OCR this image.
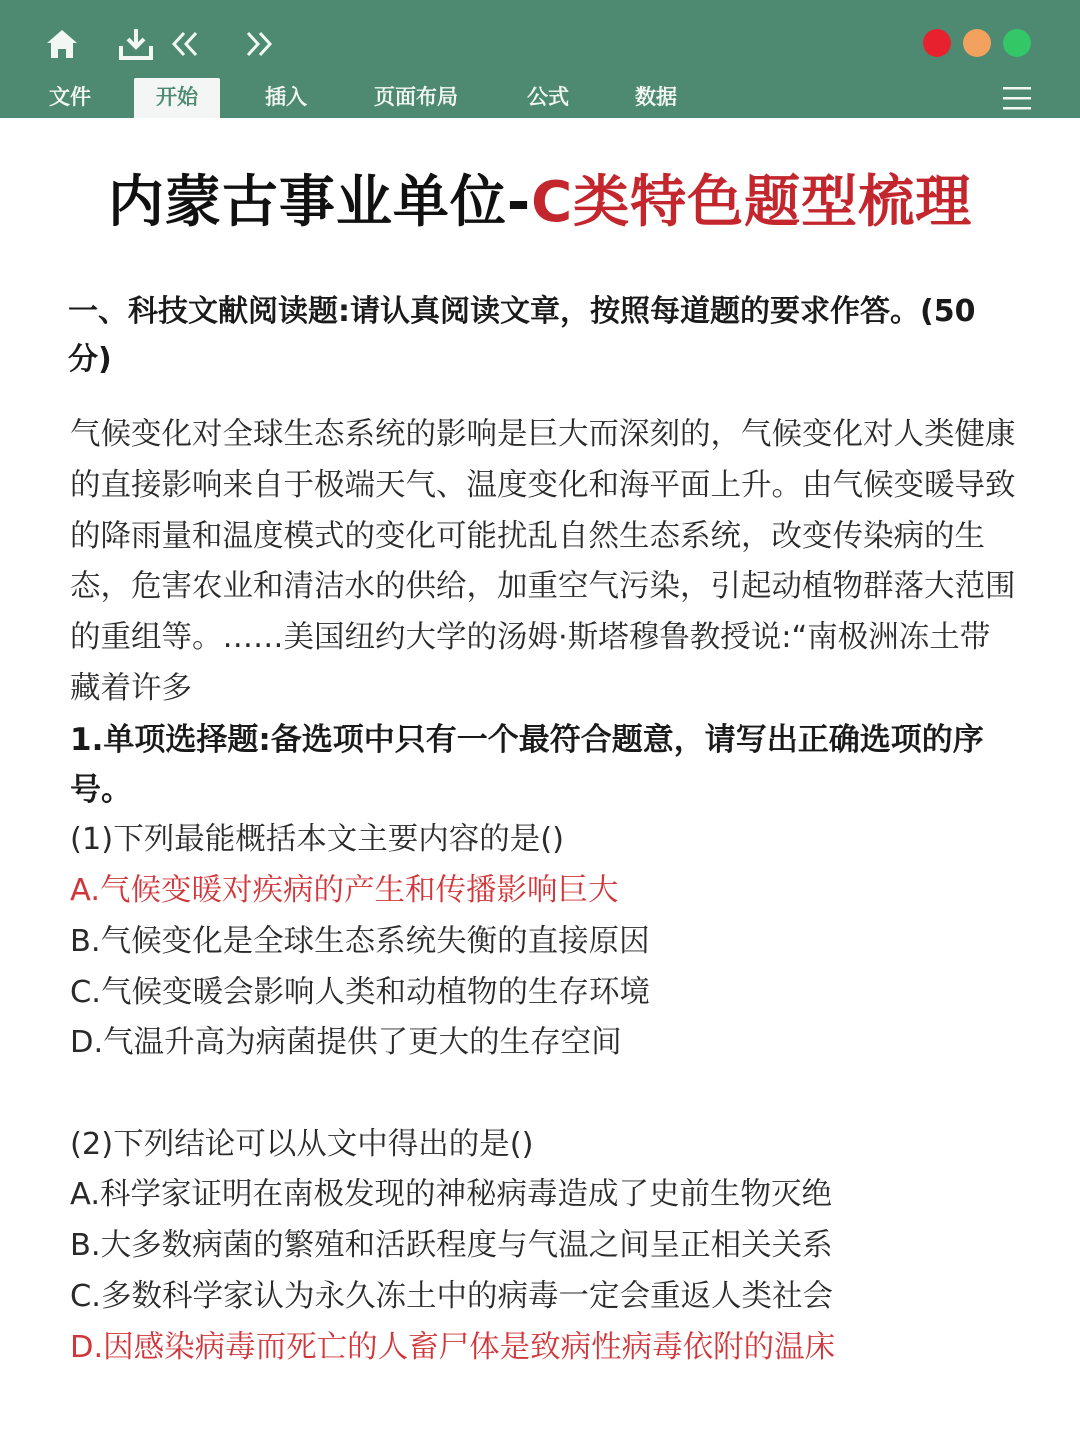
文件	开始	插入	页面布局	公式	数据
内蒙古事业单位-C类特色题型梳理
一、科技文献阅读题:请认真阅读文章，按照每道题的要求作答。(50分)
气候变化对全球生态系统的影响是巨大而深刻的，气候变化对人类健康的直接影响来自于极端天气、温度变化和海平面上升。由气候变暖导致的降雨量和温度模式的变化可能扰乱自然生态系统，改变传染病的生态，危害农业和清洁水的供给，加重空气污染，引起动植物群落大范围的重组等。……美国纽约大学的汤姆·斯塔穆鲁教授说:“南极洲冻土带藏着许多
1.单项选择题:备选项中只有一个最符合题意，请写出正确选项的序号。
(1)下列最能概括本文主要内容的是()
A.气候变暖对疾病的产生和传播影响巨大
B.气候变化是全球生态系统失衡的直接原因
C.气候变暖会影响人类和动植物的生存环境
D.气温升高为病菌提供了更大的生存空间
(2)下列结论可以从文中得出的是()
A.科学家证明在南极发现的神秘病毒造成了史前生物灭绝
B.大多数病菌的繁殖和活跃程度与气温之间呈正相关关系
C.多数科学家认为永久冻土中的病毒一定会重返人类社会
D.因感染病毒而死亡的人畜尸体是致病性病毒依附的温床
